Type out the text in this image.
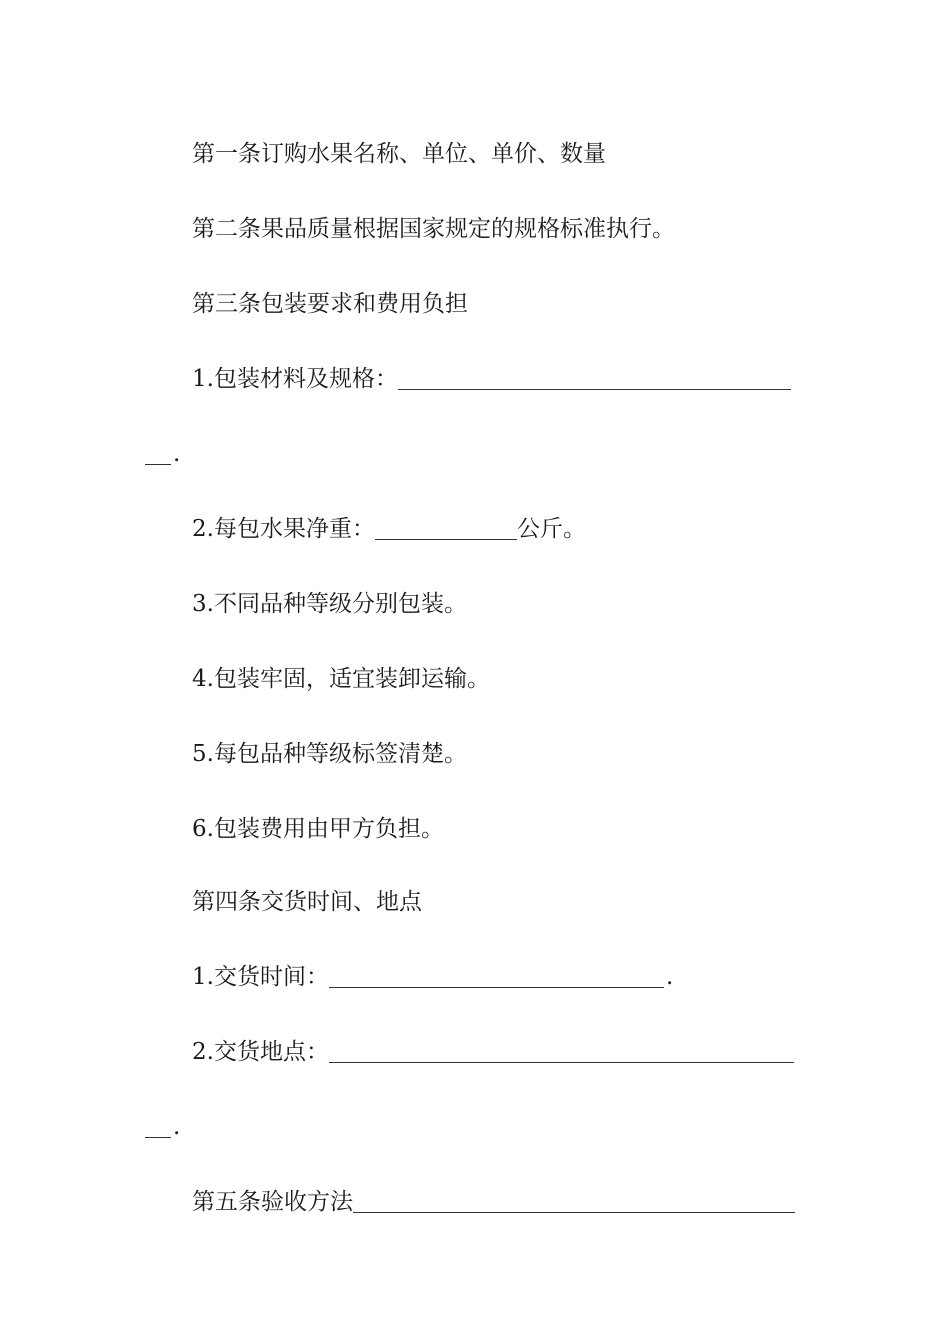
第一条订购水果名称、单位、单价、数量
第二条果品质量根据国家规定的规格标准执行。
第三条包装要求和费用负担
1.包装材料及规格：
.
2.每包水果净重：	公斤。
3.不同品种等级分别包装。
4.包装牢固，适宜装卸运输。
5.每包品种等级标签清楚。
6.包装费用由甲方负担。
第四条交货时间、地点
1.交货时间：	.
2.交货地点：
.
第五条验收方法
